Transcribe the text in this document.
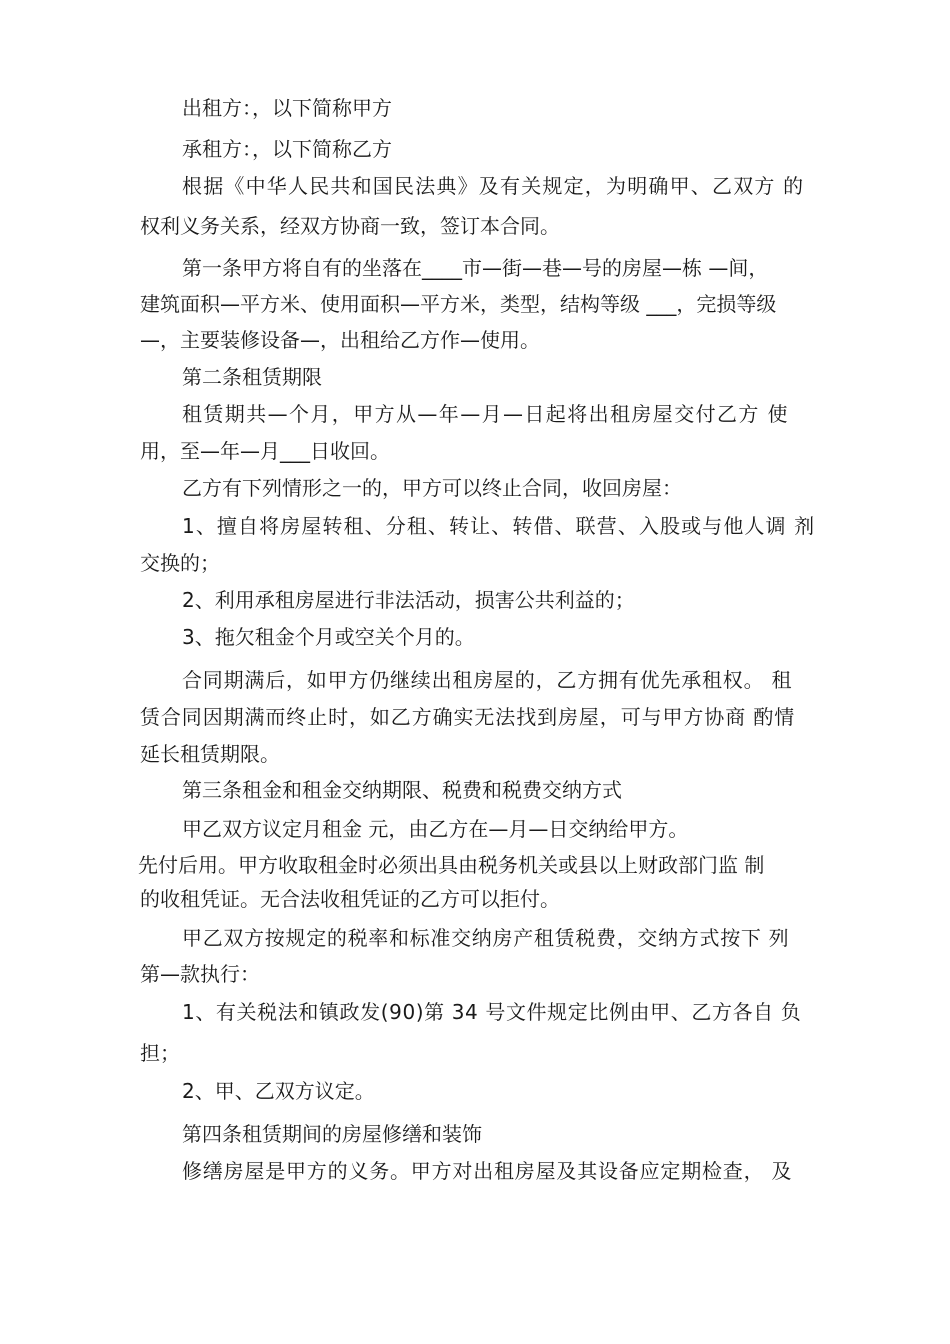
出租方：，以下简称甲方
承租方：，以下简称乙方
根据《中华人民共和国民法典》及有关规定，为明确甲、乙双方 的
权利义务关系，经双方协商一致，签订本合同。
第一条甲方将自有的坐落在____市—街—巷—号的房屋—栋 —间，
建筑面积—平方米、使用面积—平方米，类型，结构等级 ___，完损等级
—，主要装修设备—，出租给乙方作—使用。
第二条租赁期限
租赁期共—个月，甲方从—年—月—日起将出租房屋交付乙方 使
用，至—年—月___日收回。
乙方有下列情形之一的，甲方可以终止合同，收回房屋：
1、擅自将房屋转租、分租、转让、转借、联营、入股或与他人调 剂
交换的；
2、利用承租房屋进行非法活动，损害公共利益的；
3、拖欠租金个月或空关个月的。
合同期满后，如甲方仍继续出租房屋的，乙方拥有优先承租权。 租
赁合同因期满而终止时，如乙方确实无法找到房屋，可与甲方协商 酌情
延长租赁期限。
第三条租金和租金交纳期限、税费和税费交纳方式
甲乙双方议定月租金 元，由乙方在—月—日交纳给甲方。
先付后用。甲方收取租金时必须出具由税务机关或县以上财政部门监 制
的收租凭证。无合法收租凭证的乙方可以拒付。
甲乙双方按规定的税率和标准交纳房产租赁税费，交纳方式按下 列
第—款执行：
1、有关税法和镇政发(90)第 34 号文件规定比例由甲、乙方各自 负
担；
2、甲、乙双方议定。
第四条租赁期间的房屋修缮和装饰
修缮房屋是甲方的义务。甲方对出租房屋及其设备应定期检查， 及
